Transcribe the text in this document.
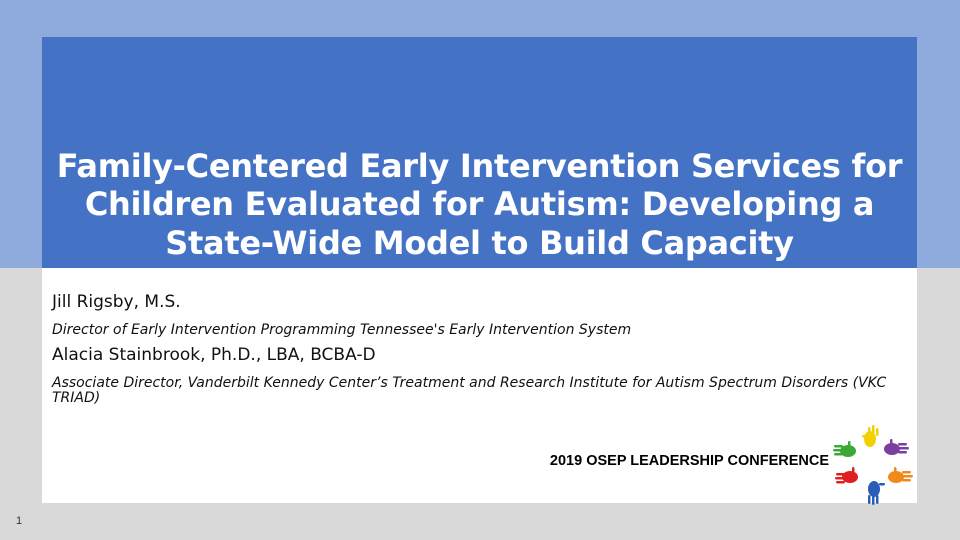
Family-Centered Early Intervention Services for Children Evaluated for Autism: Developing a State-Wide Model to Build Capacity

Jill Rigsby, M.S.

Director of Early Intervention Programming Tennessee's Early Intervention System

Alacia Stainbrook, Ph.D., LBA, BCBA-D

Associate Director, Vanderbilt Kennedy Center’s Treatment and Research Institute for Autism Spectrum Disorders (VKC TRIAD)

2019 OSEP LEADERSHIP CONFERENCE
1
